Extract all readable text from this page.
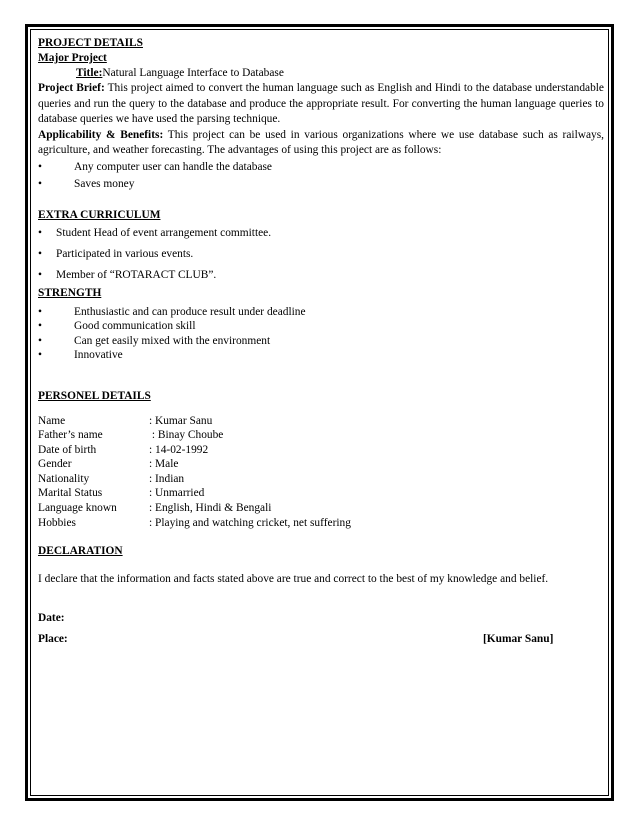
PROJECT DETAILS
Major Project
Title:Natural Language Interface to Database
Project Brief: This project aimed to convert the human language such as English and Hindi to the database understandable queries and run the query to the database and produce the appropriate result. For converting the human language queries to database queries we have used the parsing technique.
Applicability & Benefits: This project can be used in various organizations where we use database such as railways, agriculture, and weather forecasting. The advantages of using this project are as follows:
•	Any computer user can handle the database
•	Saves money
EXTRA CURRICULUM
• Student Head of event arrangement committee.
• Participated in various events.
• Member of “ROTARACT CLUB”.
STRENGTH
•	Enthusiastic and can produce result under deadline
•	Good communication skill
•	Can get easily mixed with the environment
•	Innovative
PERSONEL DETAILS
Name	: Kumar Sanu
Father’s name	: Binay Choube
Date of birth	: 14-02-1992
Gender	: Male
Nationality	: Indian
Marital Status	: Unmarried
Language known	: English, Hindi & Bengali
Hobbies	: Playing and watching cricket, net suffering
DECLARATION
I declare that the information and facts stated above are true and correct to the best of my knowledge and belief.
Date:
Place:	[Kumar Sanu]
